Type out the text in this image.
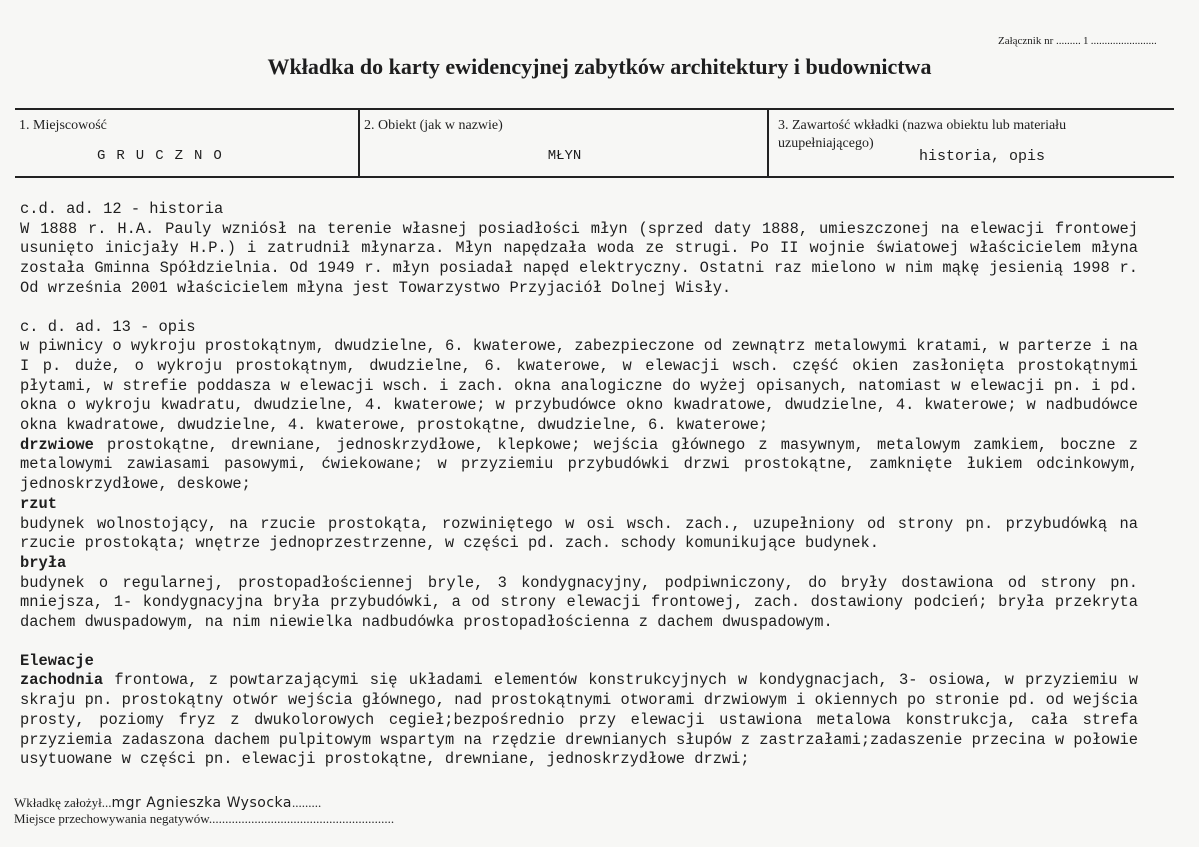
Załącznik nr ......... 1 ........................
Wkładka do karty ewidencyjnej zabytków architektury i budownictwa
1. Miejscowość
GRUCZNO
2. Obiekt (jak w nazwie)
MŁYN
3. Zawartość wkładki (nazwa obiektu lub materiału uzupełniającego)
historia, opis
c.d. ad. 12 - historia
W 1888 r. H.A. Pauly wzniósł na terenie własnej posiadłości młyn (sprzed daty 1888, umieszczonej na elewacji frontowej usunięto inicjały H.P.) i zatrudnił młynarza. Młyn napędzała woda ze strugi. Po II wojnie światowej właścicielem młyna została Gminna Spółdzielnia. Od 1949 r. młyn posiadał napęd elektryczny. Ostatni raz mielono w nim mąkę jesienią 1998 r. Od września 2001 właścicielem młyna jest Towarzystwo Przyjaciół Dolnej Wisły.
c. d. ad. 13 - opis
w piwnicy o wykroju prostokątnym, dwudzielne, 6. kwaterowe, zabezpieczone od zewnątrz metalowymi kratami, w parterze i na I p. duże, o wykroju prostokątnym, dwudzielne, 6. kwaterowe, w elewacji wsch. część okien zasłonięta prostokątnymi płytami, w strefie poddasza w elewacji wsch. i zach. okna analogiczne do wyżej opisanych, natomiast w elewacji pn. i pd. okna o wykroju kwadratu, dwudzielne, 4. kwaterowe; w przybudówce okno kwadratowe, dwudzielne, 4. kwaterowe; w nadbudówce okna kwadratowe, dwudzielne, 4. kwaterowe, prostokątne, dwudzielne, 6. kwaterowe;
drzwiowe prostokątne, drewniane, jednoskrzydłowe, klepkowe; wejścia głównego z masywnym, metalowym zamkiem, boczne z metalowymi zawiasami pasowymi, ćwiekowane; w przyziemiu przybudówki drzwi prostokątne, zamknięte łukiem odcinkowym, jednoskrzydłowe, deskowe;
rzut
budynek wolnostojący, na rzucie prostokąta, rozwiniętego w osi wsch. zach., uzupełniony od strony pn. przybudówką na rzucie prostokąta; wnętrze jednoprzestrzenne, w części pd. zach. schody komunikujące budynek.
bryła
budynek o regularnej, prostopadłościennej bryle, 3 kondygnacyjny, podpiwniczony, do bryły dostawiona od strony pn. mniejsza, 1- kondygnacyjna bryła przybudówki, a od strony elewacji frontowej, zach. dostawiony podcień; bryła przekryta dachem dwuspadowym, na nim niewielka nadbudówka prostopadłościenna z dachem dwuspadowym.
Elewacje
zachodnia frontowa, z powtarzającymi się układami elementów konstrukcyjnych w kondygnacjach, 3- osiowa, w przyziemiu w skraju pn. prostokątny otwór wejścia głównego, nad prostokątnymi otworami drzwiowym i okiennych po stronie pd. od wejścia prosty, poziomy fryz z dwukolorowych cegieł;bezpośrednio przy elewacji ustawiona metalowa konstrukcja, cała strefa przyziemia zadaszona dachem pulpitowym wspartym na rzędzie drewnianych słupów z zastrzałami;zadaszenie przecina w połowie usytuowane w części pn. elewacji prostokątne, drewniane, jednoskrzydłowe drzwi;
Wkładkę założył...mgr Agnieszka Wysocka.........
Miejsce przechowywania negatywów.........................................................
